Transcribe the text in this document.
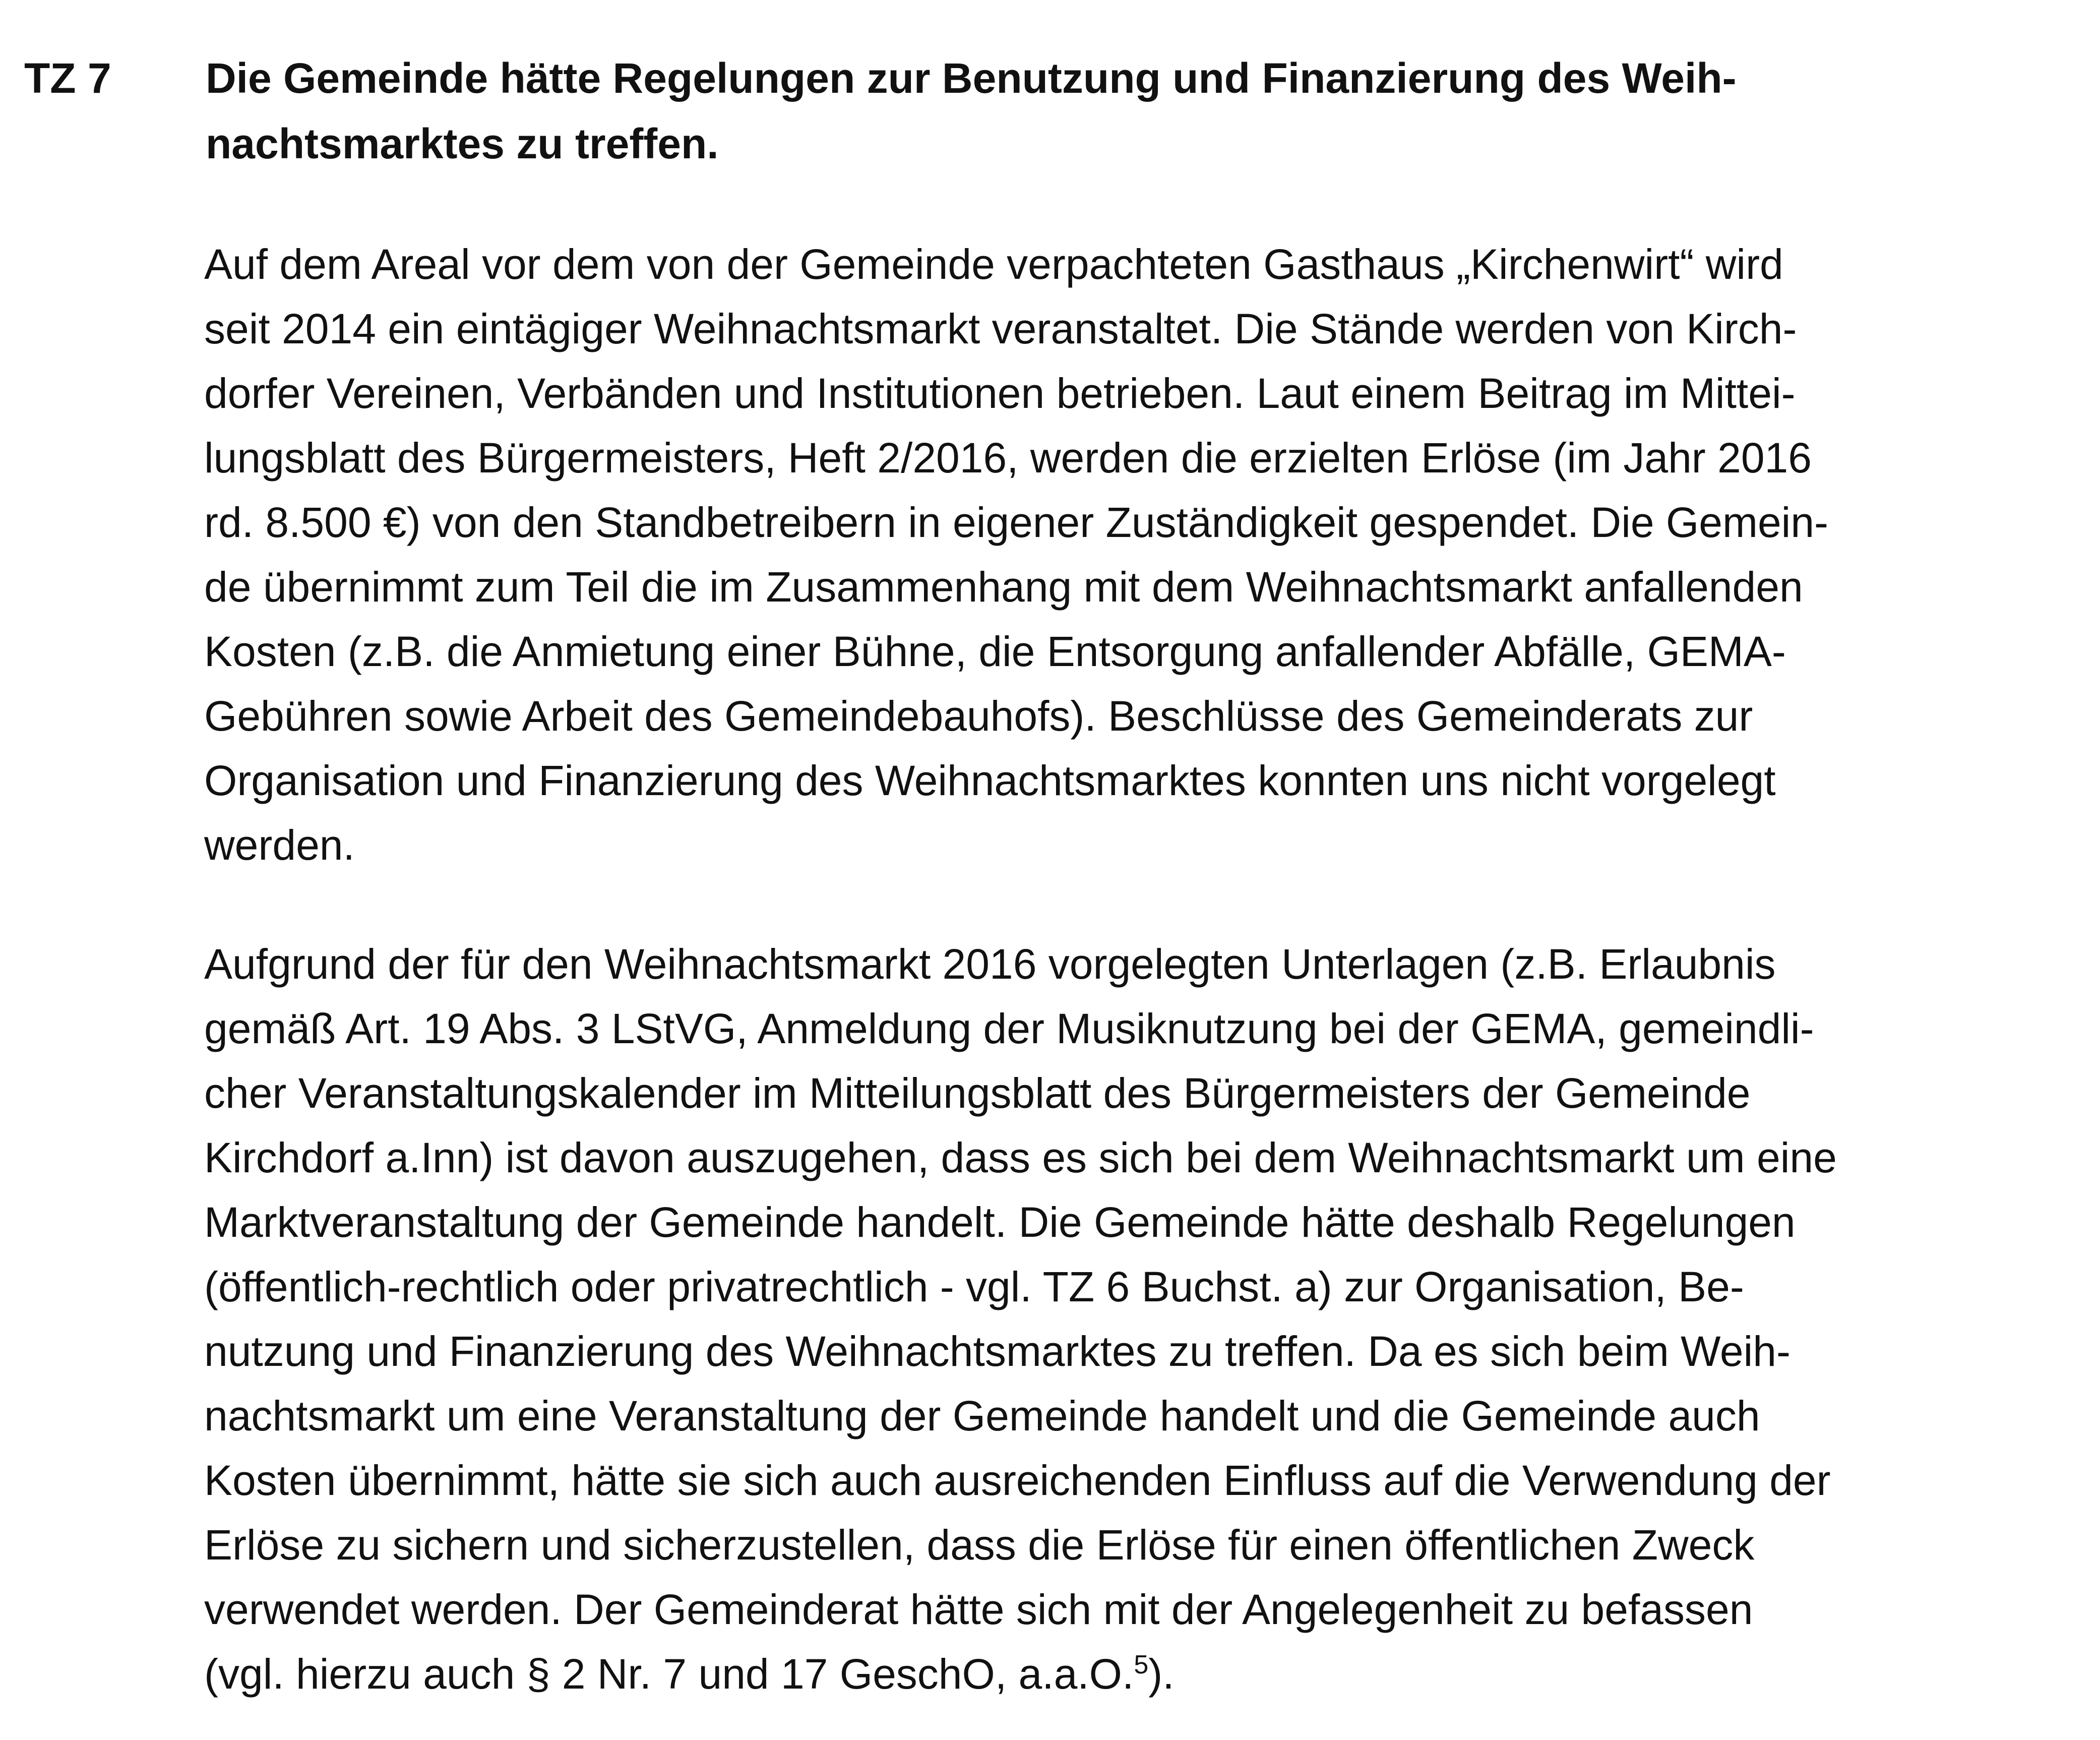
TZ 7 Die Gemeinde hätte Regelungen zur Benutzung und Finanzierung des Weih-
nachtsmarktes zu treffen.

Auf dem Areal vor dem von der Gemeinde verpachteten Gasthaus „Kirchenwirt“ wird
seit 2014 ein eintägiger Weihnachtsmarkt veranstaltet. Die Stände werden von Kirch-
dorfer Vereinen, Verbänden und Institutionen betrieben. Laut einem Beitrag im Mittei-
lungsblatt des Bürgermeisters, Heft 2/2016, werden die erzielten Erlöse (im Jahr 2016
rd. 8.500 €) von den Standbetreibern in eigener Zuständigkeit gespendet. Die Gemein-
de übernimmt zum Teil die im Zusammenhang mit dem Weihnachtsmarkt anfallenden
Kosten (z.B. die Anmietung einer Bühne, die Entsorgung anfallender Abfälle, GEMA-
Gebühren sowie Arbeit des Gemeindebauhofs). Beschlüsse des Gemeinderats zur
Organisation und Finanzierung des Weihnachtsmarktes konnten uns nicht vorgelegt
werden.

Aufgrund der für den Weihnachtsmarkt 2016 vorgelegten Unterlagen (z.B. Erlaubnis
gemäß Art. 19 Abs. 3 LStVG, Anmeldung der Musiknutzung bei der GEMA, gemeindli-
cher Veranstaltungskalender im Mitteilungsblatt des Bürgermeisters der Gemeinde
Kirchdorf a.Inn) ist davon auszugehen, dass es sich bei dem Weihnachtsmarkt um eine
Marktveranstaltung der Gemeinde handelt. Die Gemeinde hätte deshalb Regelungen
(öffentlich-rechtlich oder privatrechtlich - vgl. TZ 6 Buchst. a) zur Organisation, Be-
nutzung und Finanzierung des Weihnachtsmarktes zu treffen. Da es sich beim Weih-
nachtsmarkt um eine Veranstaltung der Gemeinde handelt und die Gemeinde auch
Kosten übernimmt, hätte sie sich auch ausreichenden Einfluss auf die Verwendung der
Erlöse zu sichern und sicherzustellen, dass die Erlöse für einen öffentlichen Zweck
verwendet werden. Der Gemeinderat hätte sich mit der Angelegenheit zu befassen
(vgl. hierzu auch § 2 Nr. 7 und 17 GeschO, a.a.O.$^5$).
